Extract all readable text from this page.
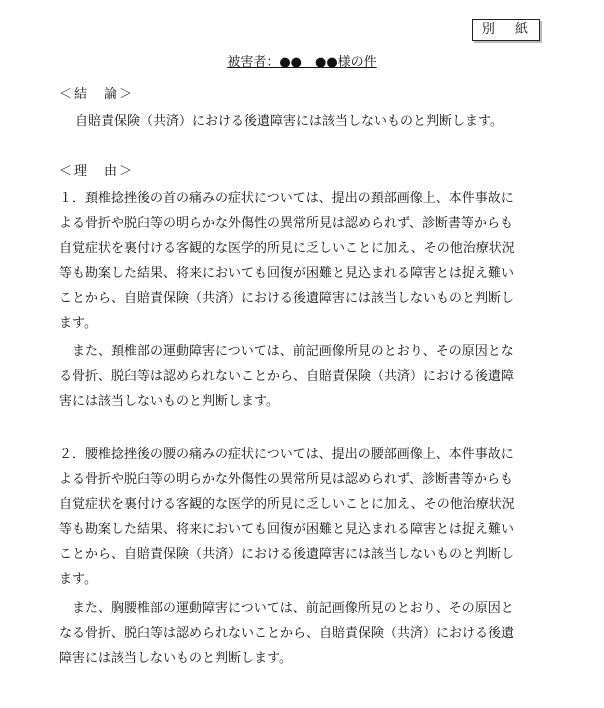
別 紙
被害者：●●　●●様の件
＜結　論＞
自賠責保険（共済）における後遺障害には該当しないものと判断します。
＜理　由＞
１．頚椎捻挫後の首の痛みの症状については、提出の頚部画像上、本件事故に
よる骨折や脱臼等の明らかな外傷性の異常所見は認められず、診断書等からも
自覚症状を裏付ける客観的な医学的所見に乏しいことに加え、その他治療状況
等も勘案した結果、将来においても回復が困難と見込まれる障害とは捉え難い
ことから、自賠責保険（共済）における後遺障害には該当しないものと判断し
ます。
　また、頚椎部の運動障害については、前記画像所見のとおり、その原因とな
る骨折、脱臼等は認められないことから、自賠責保険（共済）における後遺障
害には該当しないものと判断します。
２．腰椎捻挫後の腰の痛みの症状については、提出の腰部画像上、本件事故に
よる骨折や脱臼等の明らかな外傷性の異常所見は認められず、診断書等からも
自覚症状を裏付ける客観的な医学的所見に乏しいことに加え、その他治療状況
等も勘案した結果、将来においても回復が困難と見込まれる障害とは捉え難い
ことから、自賠責保険（共済）における後遺障害には該当しないものと判断し
ます。
　また、胸腰椎部の運動障害については、前記画像所見のとおり、その原因と
なる骨折、脱臼等は認められないことから、自賠責保険（共済）における後遺
障害には該当しないものと判断します。
